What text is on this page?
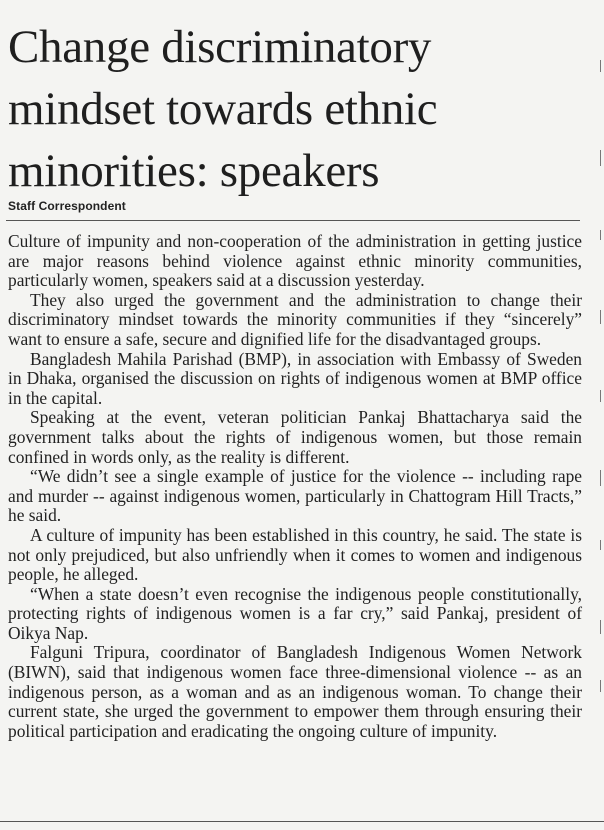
Change discriminatory mindset towards ethnic minorities: speakers
Staff Correspondent

Culture of impunity and non-cooperation of the administration in getting justice are major reasons behind violence against ethnic minority communities, particularly women, speakers said at a discussion yesterday.

They also urged the government and the administration to change their discriminatory mindset towards the minority communities if they “sincerely” want to ensure a safe, secure and dignified life for the disadvantaged groups.

Bangladesh Mahila Parishad (BMP), in association with Embassy of Sweden in Dhaka, organised the discussion on rights of indigenous women at BMP office in the capital.

Speaking at the event, veteran politician Pankaj Bhattacharya said the government talks about the rights of indigenous women, but those remain confined in words only, as the reality is different.

“We didn’t see a single example of justice for the violence -- including rape and murder -- against indigenous women, particularly in Chattogram Hill Tracts,” he said.

A culture of impunity has been established in this country, he said. The state is not only prejudiced, but also unfriendly when it comes to women and indigenous people, he alleged.

“When a state doesn’t even recognise the indigenous people constitutionally, protecting rights of indigenous women is a far cry,” said Pankaj, president of Oikya Nap.

Falguni Tripura, coordinator of Bangladesh Indigenous Women Network (BIWN), said that indigenous women face three-dimensional violence -- as an indigenous person, as a woman and as an indigenous woman. To change their current state, she urged the government to empower them through ensuring their political participation and eradicating the ongoing culture of impunity.
